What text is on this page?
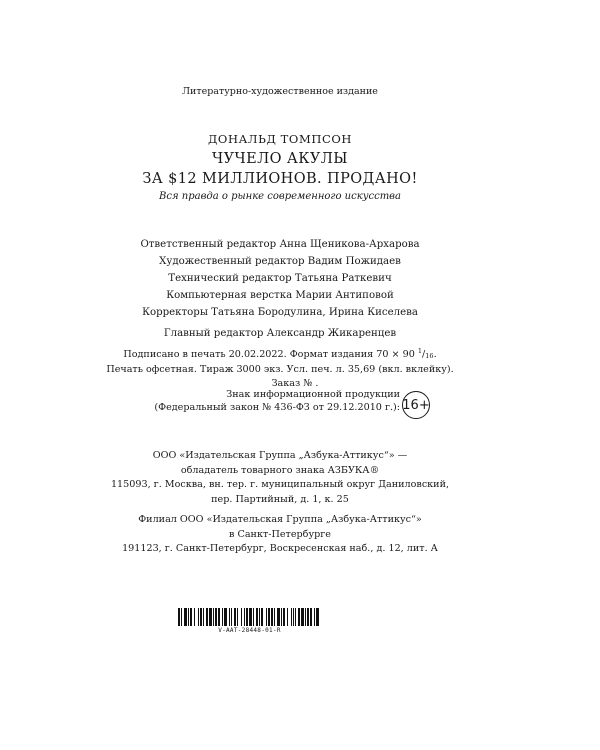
Литературно-художественное издание
ДОНАЛЬД ТОМПСОН
ЧУЧЕЛО АКУЛЫ
ЗА $12 МИЛЛИОНОВ. ПРОДАНО!
Вся правда о рынке современного искусства
Ответственный редактор Анна Щеникова-Архарова
Художественный редактор Вадим Пожидаев
Технический редактор Татьяна Раткевич
Компьютерная верстка Марии Антиповой
Корректоры Татьяна Бородулина, Ирина Киселева
Главный редактор Александр Жикаренцев
Подписано в печать 20.02.2022. Формат издания 70 × 90 $^1/_{16}$.
Печать офсетная. Тираж 3000 экз. Усл. печ. л. 35,69 (вкл. вклейку).
Заказ № .
Знак информационной продукции
(Федеральный закон № 436-ФЗ от 29.12.2010 г.): 16+
ООО «Издательская Группа „Азбука-Аттикус“» —
обладатель товарного знака АЗБУКА®
115093, г. Москва, вн. тер. г. муниципальный округ Даниловский,
пер. Партийный, д. 1, к. 25
Филиал ООО «Издательская Группа „Азбука-Аттикус“»
в Санкт-Петербурге
191123, г. Санкт-Петербург, Воскресенская наб., д. 12, лит. А
V-AAT-28448-01-R
